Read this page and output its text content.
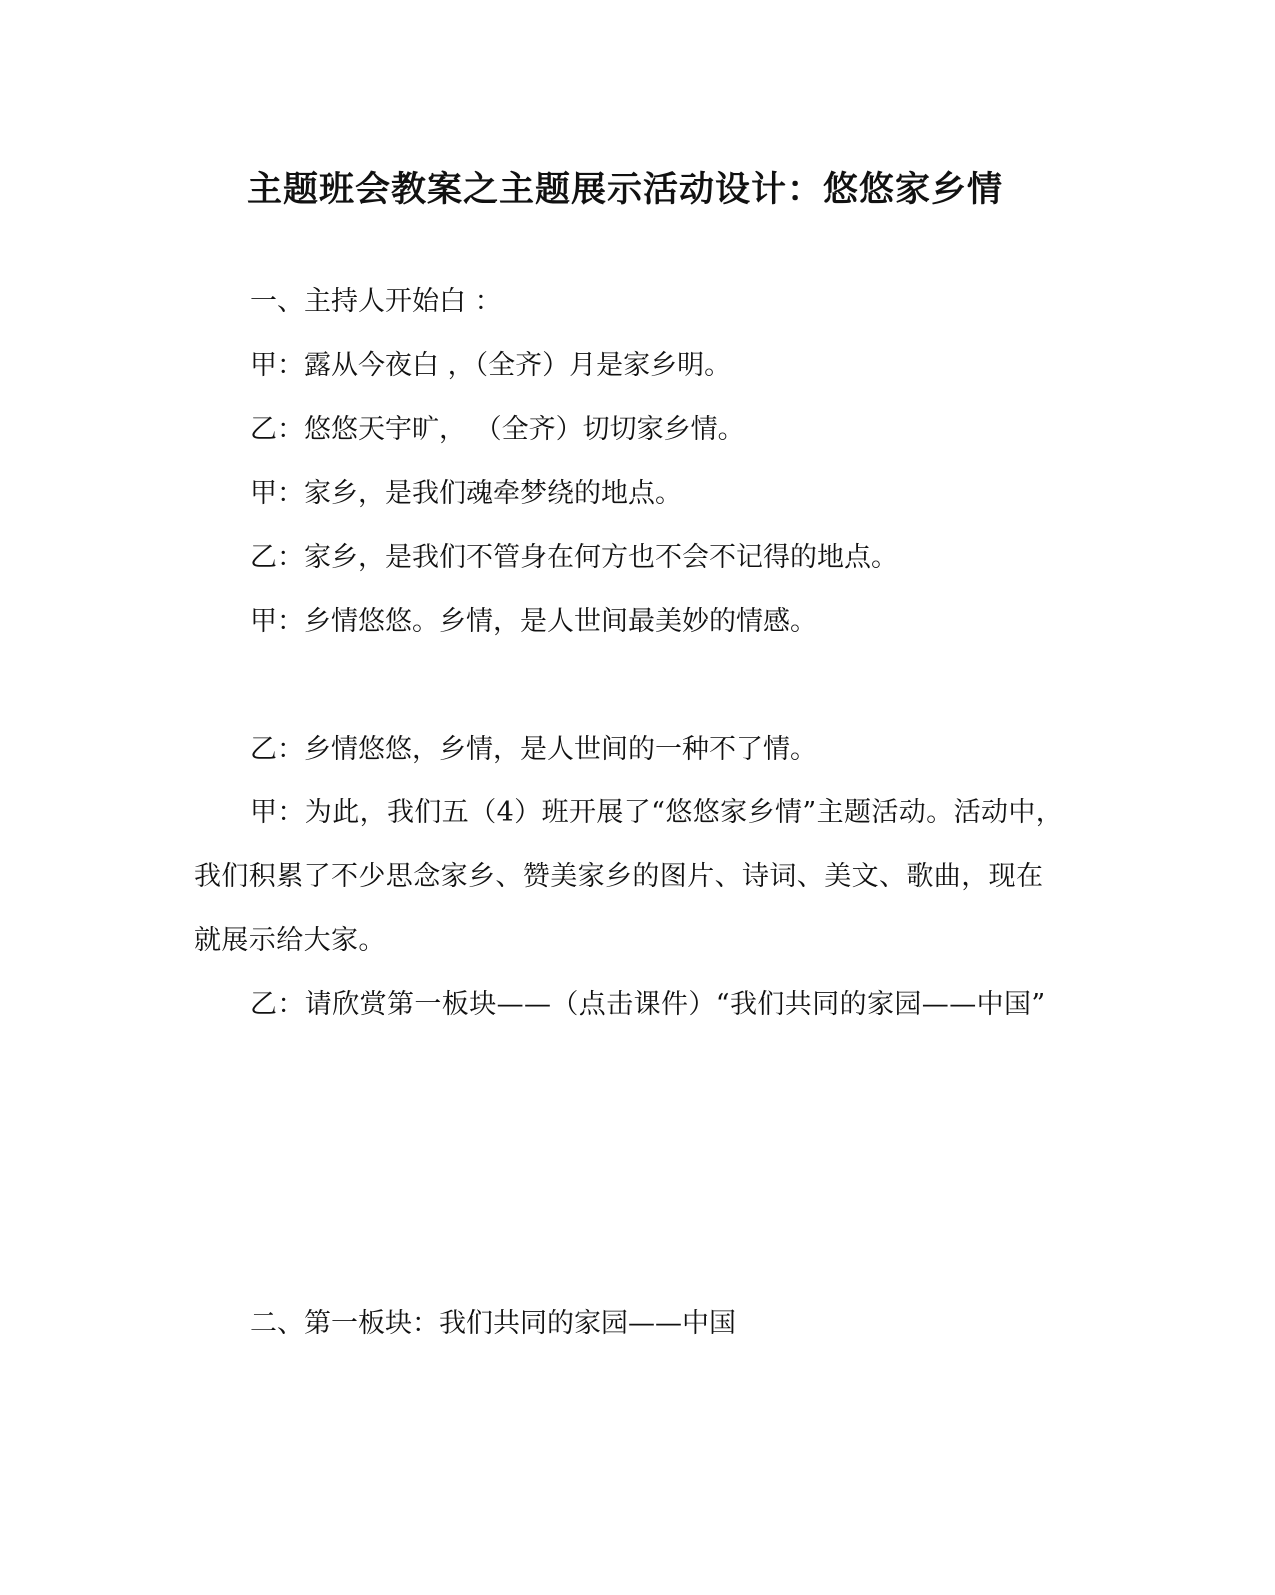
主题班会教案之主题展示活动设计：悠悠家乡情
一、主持人开始白 ：
甲：露从今夜白 ，（全齐）月是家乡明。
乙：悠悠天宇旷， （全齐）切切家乡情。
甲：家乡，是我们魂牵梦绕的地点。
乙：家乡，是我们不管身在何方也不会不记得的地点。
甲：乡情悠悠。乡情，是人世间最美妙的情感。
乙：乡情悠悠，乡情，是人世间的一种不了情。
甲：为此，我们五（4）班开展了“悠悠家乡情”主题活动。活动中，我们积累了不少思念家乡、赞美家乡的图片、诗词、美文、歌曲，现在就展示给大家。
乙：请欣赏第一板块——（点击课件）“我们共同的家园——中国”
二、第一板块：我们共同的家园——中国
